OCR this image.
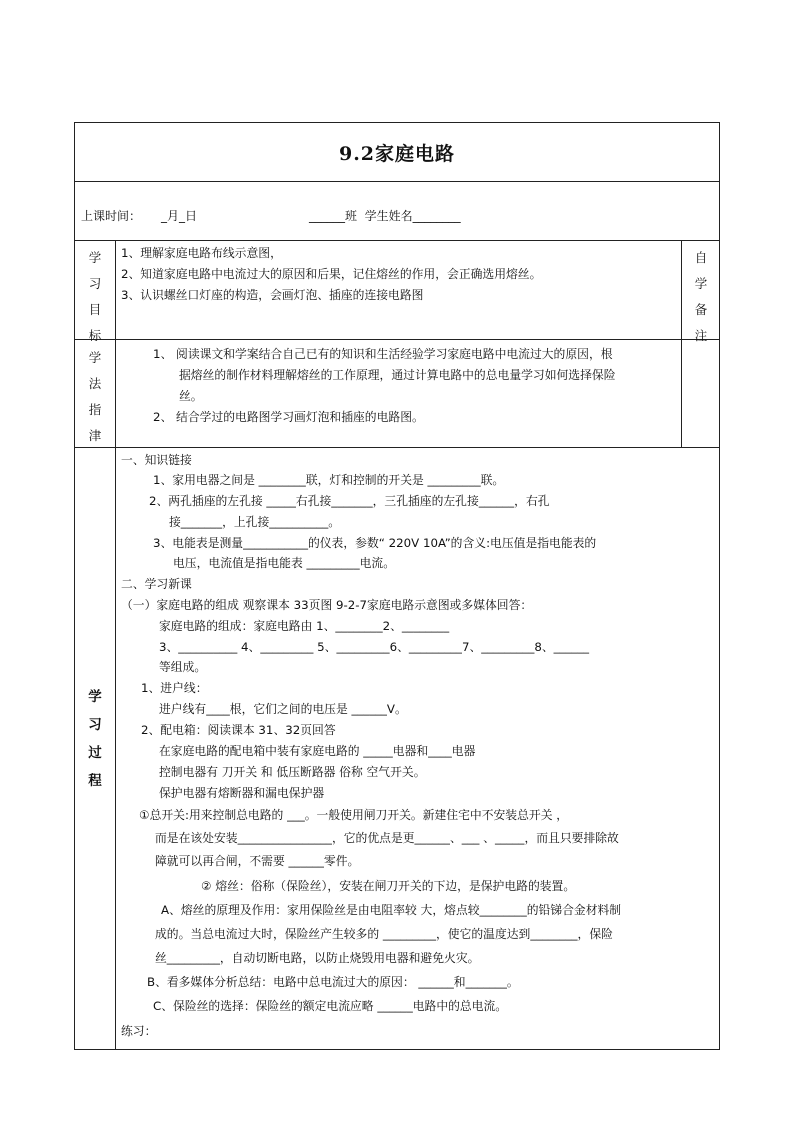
9.2家庭电路
上课时间： _月_日	______班  学生姓名________
学
习
目
标
1、理解家庭电路布线示意图，
2、知道家庭电路中电流过大的原因和后果，记住熔丝的作用，会正确选用熔丝。
3、认识螺丝口灯座的构造，会画灯泡、插座的连接电路图
自
学
备
注
学
法
指
津
1、 阅读课文和学案结合自己已有的知识和生活经验学习家庭电路中电流过大的原因，根
据熔丝的制作材料理解熔丝的工作原理，通过计算电路中的总电量学习如何选择保险
丝。
2、 结合学过的电路图学习画灯泡和插座的电路图。
学
习
过
程
一、知识链接
1、家用电器之间是 ________联，灯和控制的开关是 _________联。
2、两孔插座的左孔接 _____右孔接_______，三孔插座的左孔接______，右孔
接_______，上孔接__________。
3、电能表是测量___________的仪表，参数“ 220V 10A”的含义:电压值是指电能表的
电压，电流值是指电能表 _________电流。
二、学习新课
（一）家庭电路的组成 观察课本 33页图 9-2-7家庭电路示意图或多媒体回答：
家庭电路的组成：家庭电路由 1、________2、________
3、__________ 4、_________ 5、_________6、_________7、_________8、______
等组成。
1、进户线：
进户线有____根，它们之间的电压是 ______V。
2、配电箱：阅读课本 31、32页回答
在家庭电路的配电箱中装有家庭电路的 _____电器和____电器
控制电器有 刀开关 和 低压断路器 俗称 空气开关。
保护电器有熔断器和漏电保护器
①总开关:用来控制总电路的 ___。一般使用闸刀开关。新建住宅中不安装总开关 ，
而是在该处安装________________，它的优点是更______、___ 、_____，而且只要排除故
障就可以再合闸，不需要 ______零件。
② 熔丝：俗称（保险丝），安装在闸刀开关的下边，是保护电路的装置。
A、熔丝的原理及作用：家用保险丝是由电阻率较 大，熔点较________的铅锑合金材料制
成的。当总电流过大时，保险丝产生较多的 _________，使它的温度达到________，保险
丝_________，自动切断电路，以防止烧毁用电器和避免火灾。
B、看多媒体分析总结：电路中总电流过大的原因： ______和_______。
C、保险丝的选择：保险丝的额定电流应略 ______电路中的总电流。
练习：
